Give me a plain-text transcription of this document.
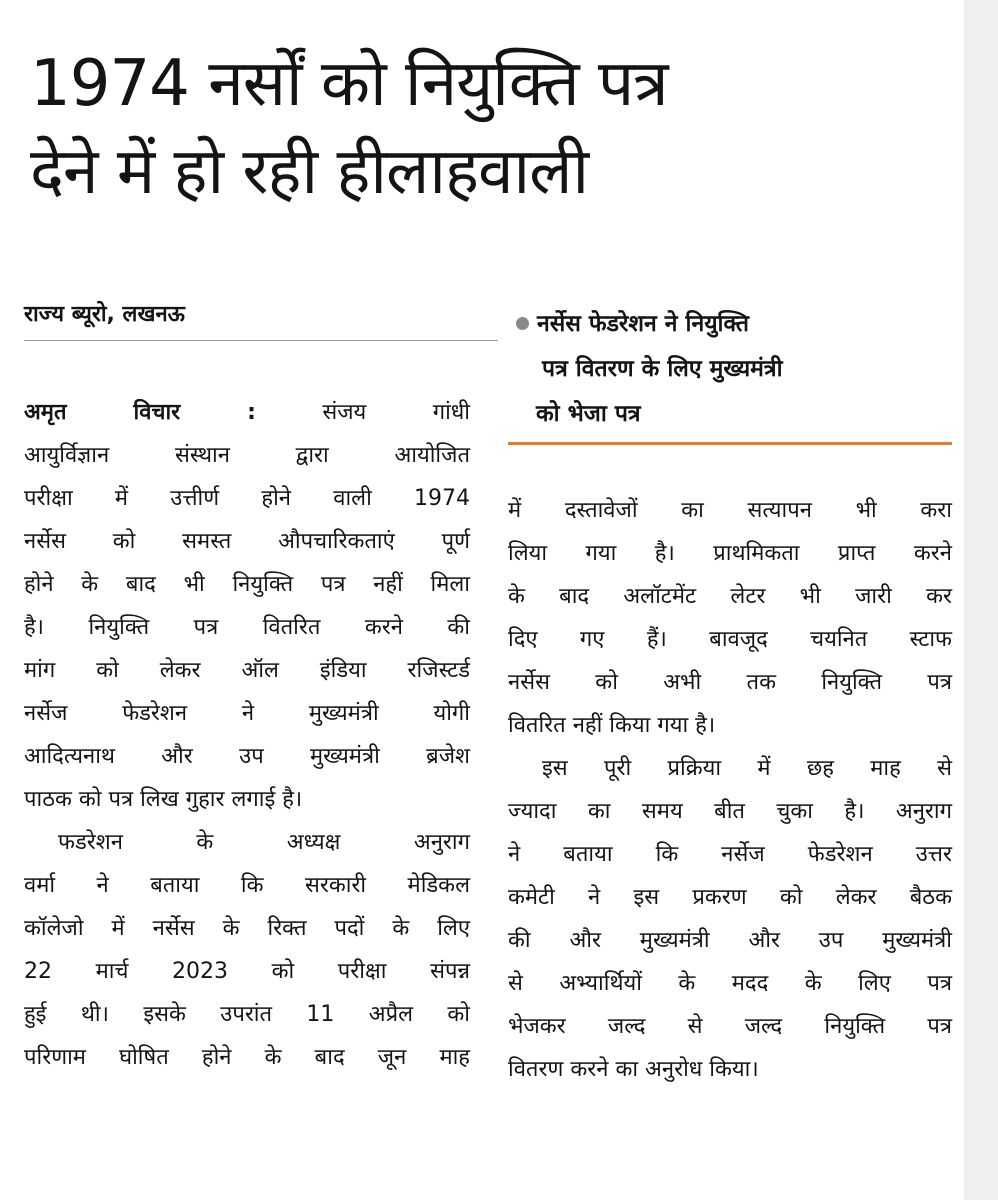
1974 नर्सों को नियुक्ति पत्र
देने में हो रही हीलाहवाली
राज्य ब्यूरो, लखनऊ	नर्सेस फेडरेशन ने नियुक्ति
पत्र वितरण के लिए मुख्यमंत्री
को भेजा पत्र
अमृत विचार :	संजय गांधी
आयुर्विज्ञान संस्थान द्वारा आयोजित
परीक्षा में उत्तीर्ण होने वाली 1974
नर्सेस को समस्त औपचारिकताएं पूर्ण
होने के बाद भी नियुक्ति पत्र नहीं मिला
है। नियुक्ति पत्र वितरित करने की
मांग को लेकर ऑल इंडिया रजिस्टर्ड
नर्सेज फेडरेशन ने मुख्यमंत्री योगी
आदित्यनाथ और उप मुख्यमंत्री ब्रजेश
पाठक को पत्र लिख गुहार लगाई है।
फडरेशन के अध्यक्ष अनुराग
वर्मा ने बताया कि सरकारी मेडिकल
कॉलेजो में नर्सेस के रिक्त पदों के लिए
22 मार्च 2023 को परीक्षा संपन्न
हुई थी। इसके उपरांत 11 अप्रैल को
परिणाम घोषित होने के बाद जून माह
में दस्तावेजों का सत्यापन भी करा
लिया गया है। प्राथमिकता प्राप्त करने
के बाद अलॉटमेंट लेटर भी जारी कर
दिए गए हैं। बावजूद चयनित स्टाफ
नर्सेस को अभी तक नियुक्ति पत्र
वितरित नहीं किया गया है।
इस पूरी प्रक्रिया में छह माह से
ज्यादा का समय बीत चुका है। अनुराग
ने बताया कि नर्सेज फेडरेशन उत्तर
कमेटी ने इस प्रकरण को लेकर बैठक
की और मुख्यमंत्री और उप मुख्यमंत्री
से अभ्यार्थियों के मदद के लिए पत्र
भेजकर जल्द से जल्द नियुक्ति पत्र
वितरण करने का अनुरोध किया।
